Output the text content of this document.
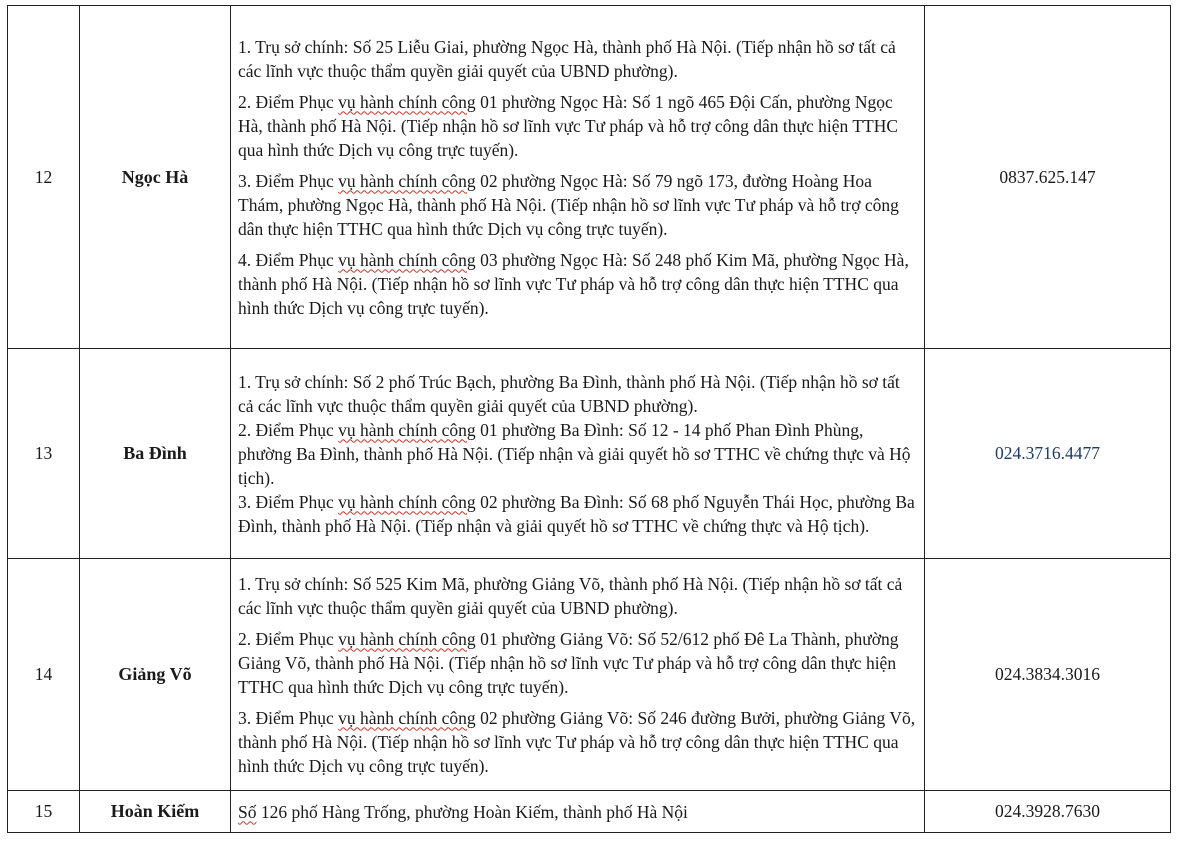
12	Ngọc Hà	1. Trụ sở chính: Số 25 Liễu Giai, phường Ngọc Hà, thành phố Hà Nội. (Tiếp nhận hồ sơ tất cả các lĩnh vực thuộc thẩm quyền giải quyết của UBND phường).

2. Điểm Phục vụ hành chính công 01 phường Ngọc Hà: Số 1 ngõ 465 Đội Cấn, phường Ngọc Hà, thành phố Hà Nội. (Tiếp nhận hồ sơ lĩnh vực Tư pháp và hỗ trợ công dân thực hiện TTHC qua hình thức Dịch vụ công trực tuyến).

3. Điểm Phục vụ hành chính công 02 phường Ngọc Hà: Số 79 ngõ 173, đường Hoàng Hoa Thám, phường Ngọc Hà, thành phố Hà Nội. (Tiếp nhận hồ sơ lĩnh vực Tư pháp và hỗ trợ công dân thực hiện TTHC qua hình thức Dịch vụ công trực tuyến).

4. Điểm Phục vụ hành chính công 03 phường Ngọc Hà: Số 248 phố Kim Mã, phường Ngọc Hà, thành phố Hà Nội. (Tiếp nhận hồ sơ lĩnh vực Tư pháp và hỗ trợ công dân thực hiện TTHC qua hình thức Dịch vụ công trực tuyến).	0837.625.147
13	Ba Đình	1. Trụ sở chính: Số 2 phố Trúc Bạch, phường Ba Đình, thành phố Hà Nội. (Tiếp nhận hồ sơ tất cả các lĩnh vực thuộc thẩm quyền giải quyết của UBND phường).

2. Điểm Phục vụ hành chính công 01 phường Ba Đình: Số 12 - 14 phố Phan Đình Phùng, phường Ba Đình, thành phố Hà Nội. (Tiếp nhận và giải quyết hồ sơ TTHC về chứng thực và Hộ tịch).

3. Điểm Phục vụ hành chính công 02 phường Ba Đình: Số 68 phố Nguyễn Thái Học, phường Ba Đình, thành phố Hà Nội. (Tiếp nhận và giải quyết hồ sơ TTHC về chứng thực và Hộ tịch).	024.3716.4477
14	Giảng Võ	1. Trụ sở chính: Số 525 Kim Mã, phường Giảng Võ, thành phố Hà Nội. (Tiếp nhận hồ sơ tất cả các lĩnh vực thuộc thẩm quyền giải quyết của UBND phường).

2. Điểm Phục vụ hành chính công 01 phường Giảng Võ: Số 52/612 phố Đê La Thành, phường Giảng Võ, thành phố Hà Nội. (Tiếp nhận hồ sơ lĩnh vực Tư pháp và hỗ trợ công dân thực hiện TTHC qua hình thức Dịch vụ công trực tuyến).

3. Điểm Phục vụ hành chính công 02 phường Giảng Võ: Số 246 đường Bưởi, phường Giảng Võ, thành phố Hà Nội. (Tiếp nhận hồ sơ lĩnh vực Tư pháp và hỗ trợ công dân thực hiện TTHC qua hình thức Dịch vụ công trực tuyến).	024.3834.3016
15	Hoàn Kiếm	Số 126 phố Hàng Trống, phường Hoàn Kiếm, thành phố Hà Nội	024.3928.7630
